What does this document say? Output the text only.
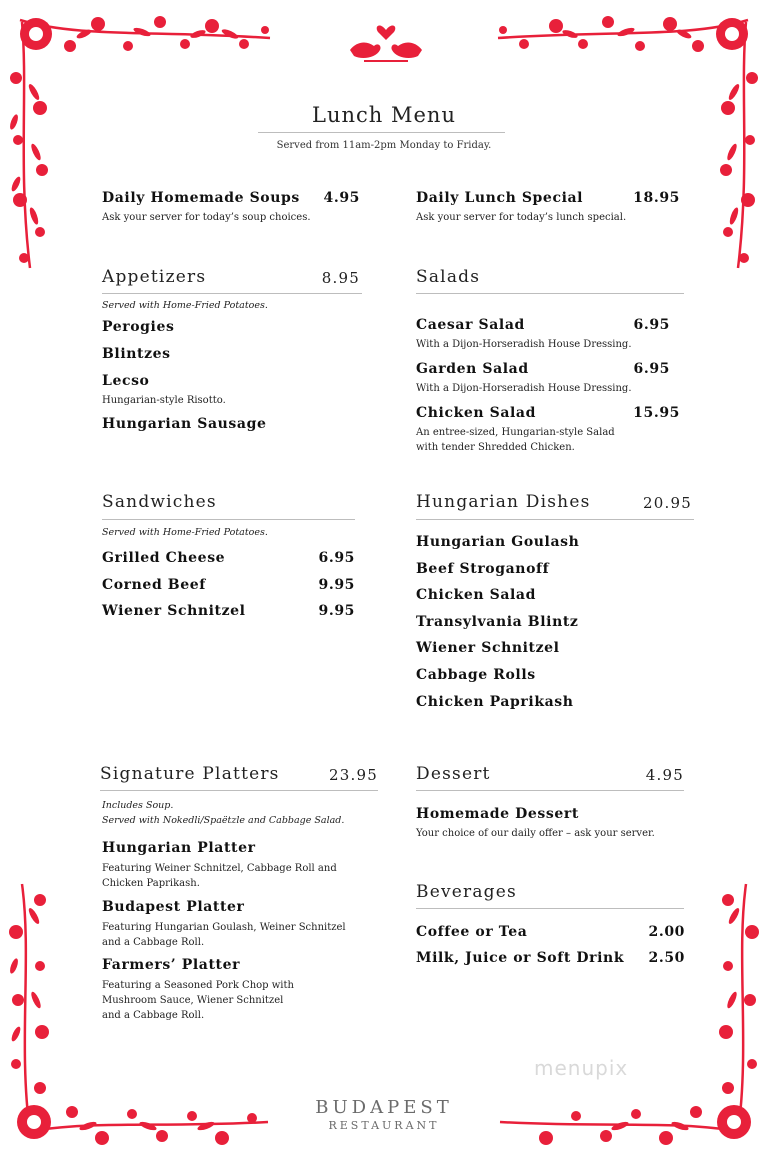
Lunch Menu
Served from 11am-2pm Monday to Friday.
Daily Homemade Soups	4.95
Ask your server for today’s soup choices.
Daily Lunch Special	18.95
Ask your server for today’s lunch special.
Appetizers	8.95
Served with Home-Fried Potatoes.
Perogies
Blintzes
Lecso
Hungarian-style Risotto.
Hungarian Sausage
Salads
Caesar Salad	6.95
With a Dijon-Horseradish House Dressing.
Garden Salad	6.95
With a Dijon-Horseradish House Dressing.
Chicken Salad	15.95
An entree-sized, Hungarian-style Salad
with tender Shredded Chicken.
Sandwiches
Served with Home-Fried Potatoes.
Grilled Cheese	6.95
Corned Beef	9.95
Wiener Schnitzel	9.95
Hungarian Dishes	20.95
Hungarian Goulash
Beef Stroganoff
Chicken Salad
Transylvania Blintz
Wiener Schnitzel
Cabbage Rolls
Chicken Paprikash
Signature Platters	23.95
Includes Soup.
Served with Nokedli/Spaëtzle and Cabbage Salad.
Hungarian Platter
Featuring Weiner Schnitzel, Cabbage Roll and
Chicken Paprikash.
Budapest Platter
Featuring Hungarian Goulash, Weiner Schnitzel
and a Cabbage Roll.
Farmers’ Platter
Featuring a Seasoned Pork Chop with
Mushroom Sauce, Wiener Schnitzel
and a Cabbage Roll.
Dessert	4.95
Homemade Dessert
Your choice of our daily offer – ask your server.
Beverages
Coffee or Tea	2.00
Milk, Juice or Soft Drink	2.50
menupix
BUDAPEST
RESTAURANT
